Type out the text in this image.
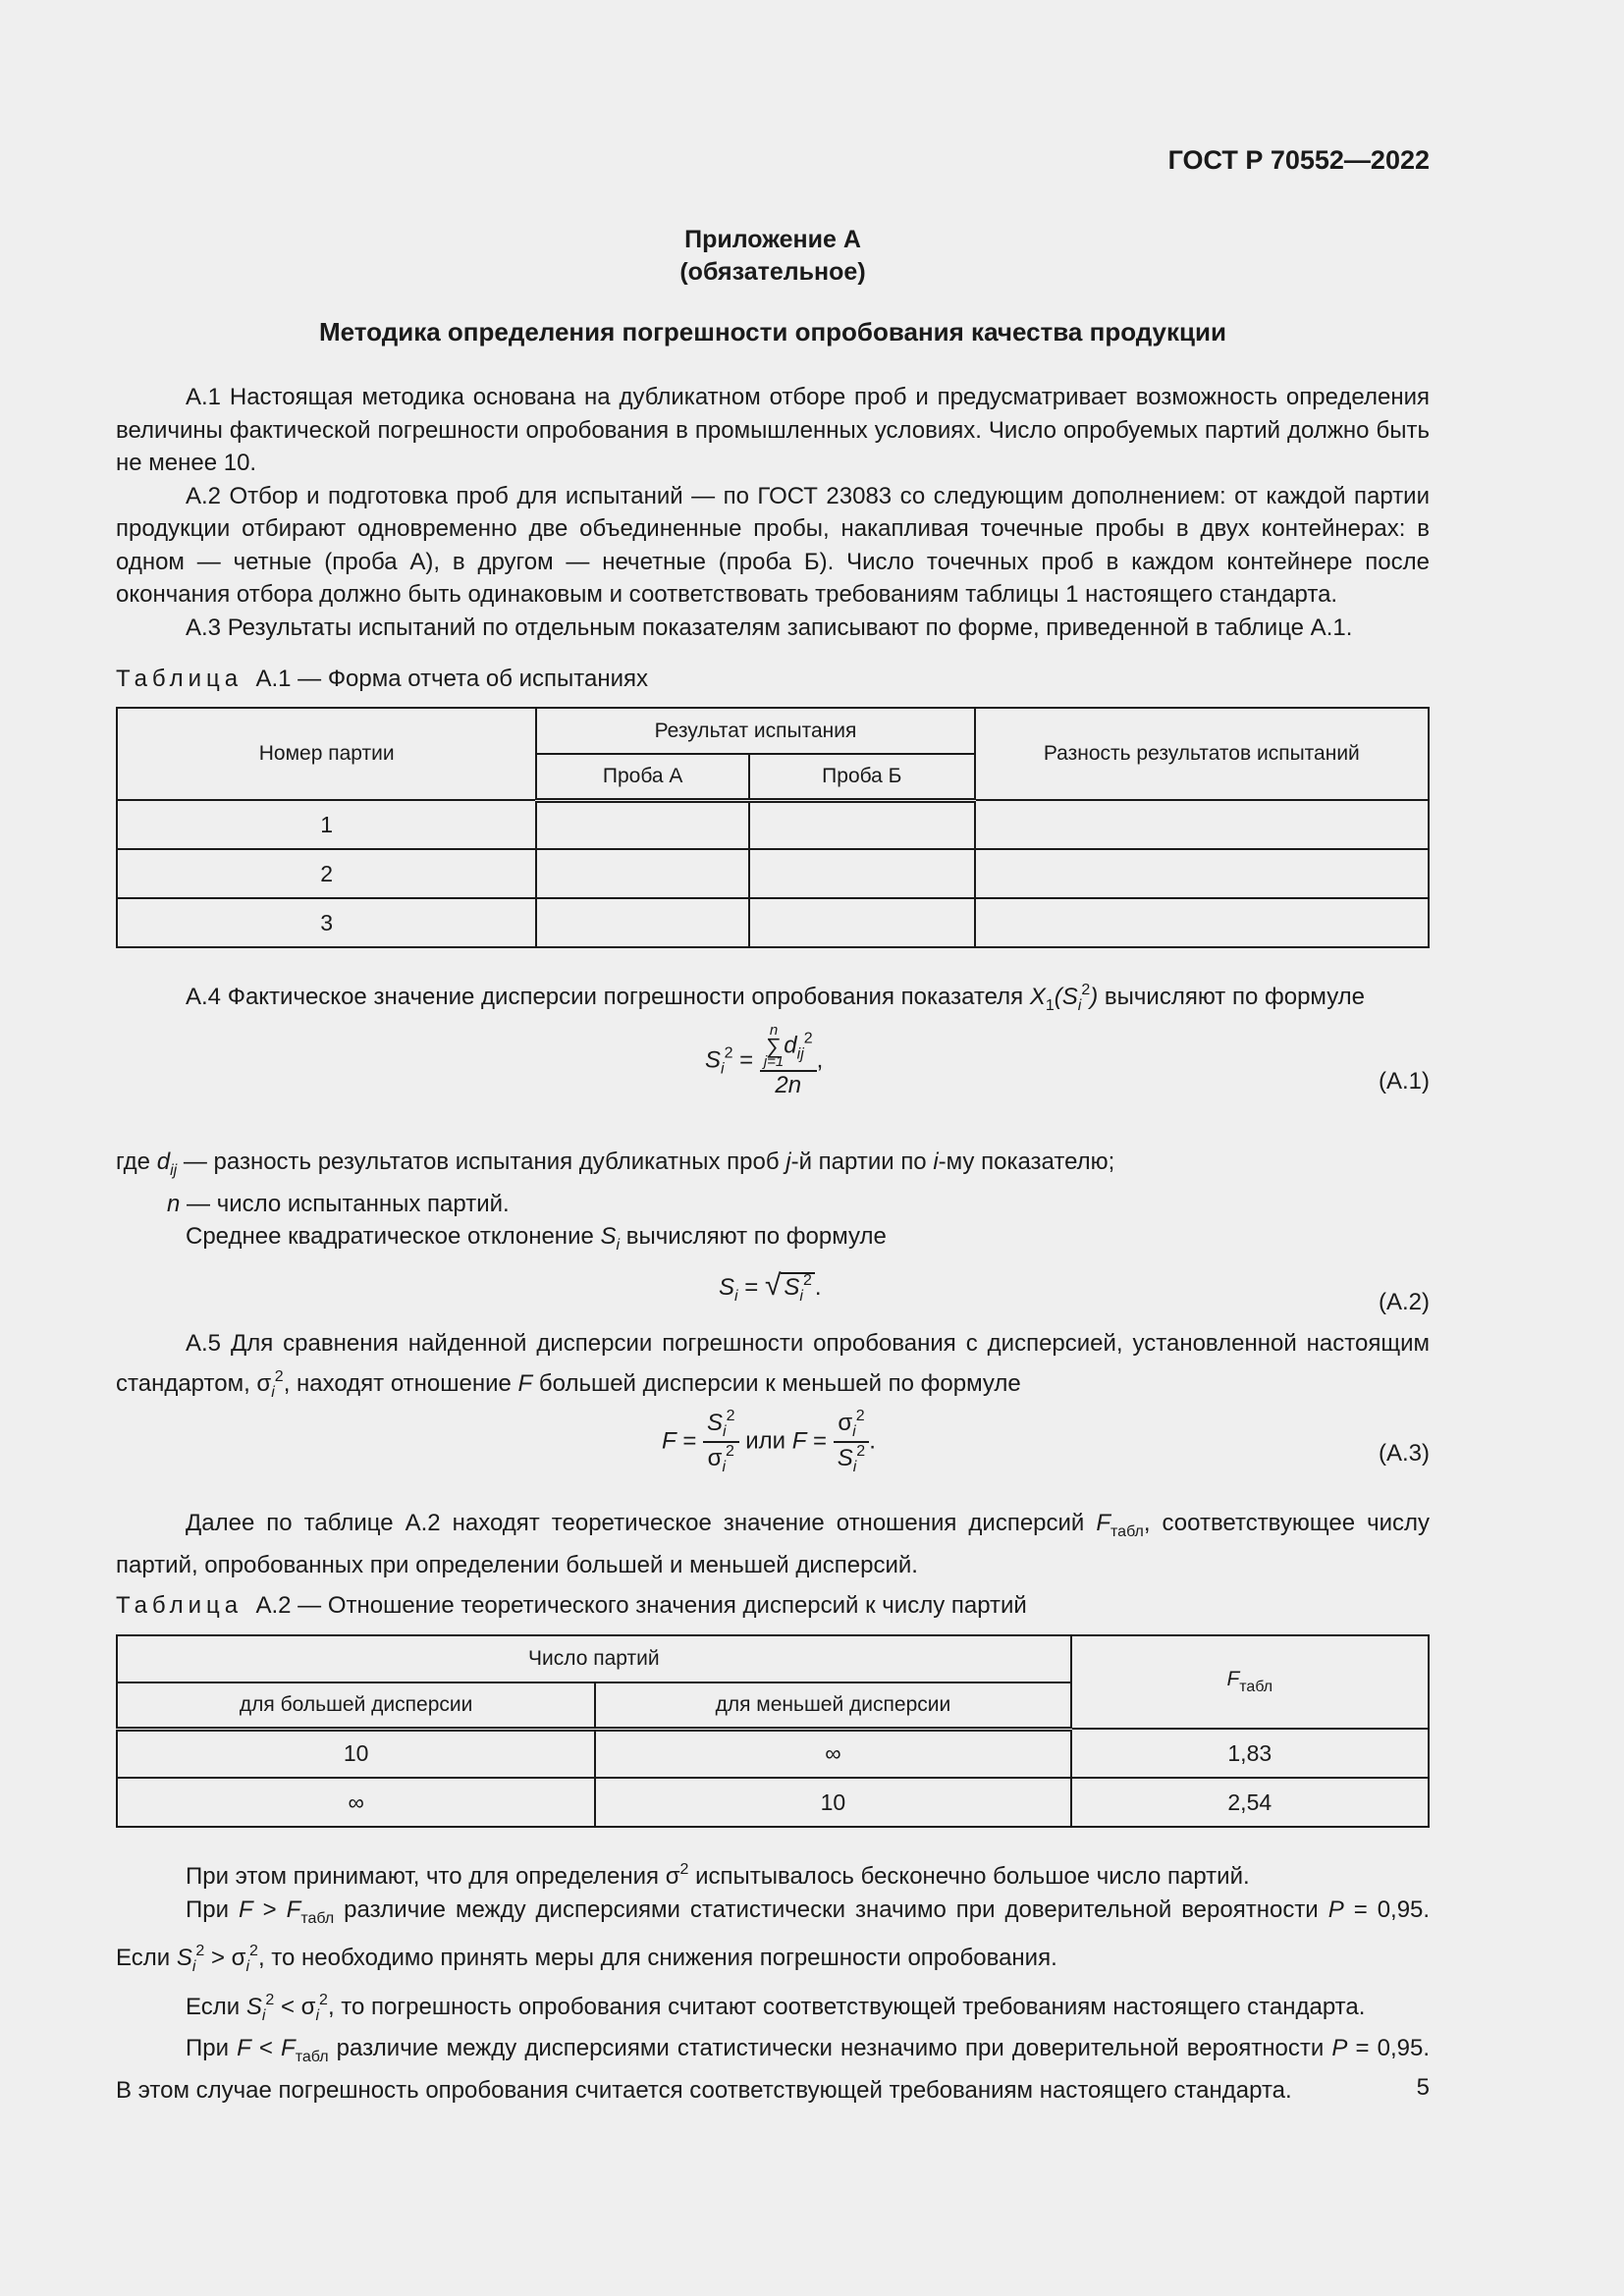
ГОСТ Р 70552—2022
Приложение А
(обязательное)
Методика определения погрешности опробования качества продукции

А.1 Настоящая методика основана на дубликатном отборе проб и предусматривает возможность определения величины фактической погрешности опробования в промышленных условиях. Число опробуемых партий должно быть не менее 10.

А.2 Отбор и подготовка проб для испытаний — по ГОСТ 23083 со следующим дополнением: от каждой партии продукции отбирают одновременно две объединенные пробы, накапливая точечные пробы в двух контейнерах: в одном — четные (проба А), в другом — нечетные (проба Б). Число точечных проб в каждом контейнере после окончания отбора должно быть одинаковым и соответствовать требованиям таблицы 1 настоящего стандарта.

А.3 Результаты испытаний по отдельным показателям записывают по форме, приведенной в таблице А.1.

Таблица А.1 — Форма отчета об испытаниях
Номер партии	Результат испытания		Разность результатов испытаний
	Проба А	Проба Б	
1			
2			
3			
А.4 Фактическое значение дисперсии погрешности опробования показателя $X_1(S_i^2)$ вычисляют по формуле
$S_i^2 = n$
∑
j=1
$d_{ij}^2$
2n ,
(А.1)

где $d_{ij}$ — разность результатов испытания дубликатных проб j-й партии по i-му показателю;

n — число испытанных партий.

Среднее квадратическое отклонение $S_i$ вычисляют по формуле

$S_i$ = √ $S_i^2$ .
(А.2)
А.5 Для сравнения найденной дисперсии погрешности опробования с дисперсией, установленной настоящим стандартом, $\sigma_i^2$, находят отношение F большей дисперсии к меньшей по формуле
$F = \frac{S_i^2}{\sigma_i^2}$ или $F = \frac{\sigma_i^2}{S_i^2}$ .	(А.3)
Далее по таблице А.2 находят теоретическое значение отношения дисперсий $F_{табл}$, соответствующее числу партий, опробованных при определении большей и меньшей дисперсий.
Таблица А.2 — Отношение теоретического значения дисперсий к числу партий
Число партий		$F_{табл}$
для большей дисперсии	для меньшей дисперсии	
10	∞	1,83
∞	10	2,54

При этом принимают, что для определения $\sigma^2$ испытывалось бесконечно большое число партий.

При $F > F_{табл}$ различие между дисперсиями статистически значимо при доверительной вероятности P = 0,95. Если $S_i^2 > \sigma_i^2$, то необходимо принять меры для снижения погрешности опробования.

Если $S_i^2 < \sigma_i^2$, то погрешность опробования считают соответствующей требованиям настоящего стандарта.

При $F < F_{табл}$ различие между дисперсиями статистически незначимо при доверительной вероятности P = 0,95. В этом случае погрешность опробования считается соответствующей требованиям настоящего стандарта.	5
